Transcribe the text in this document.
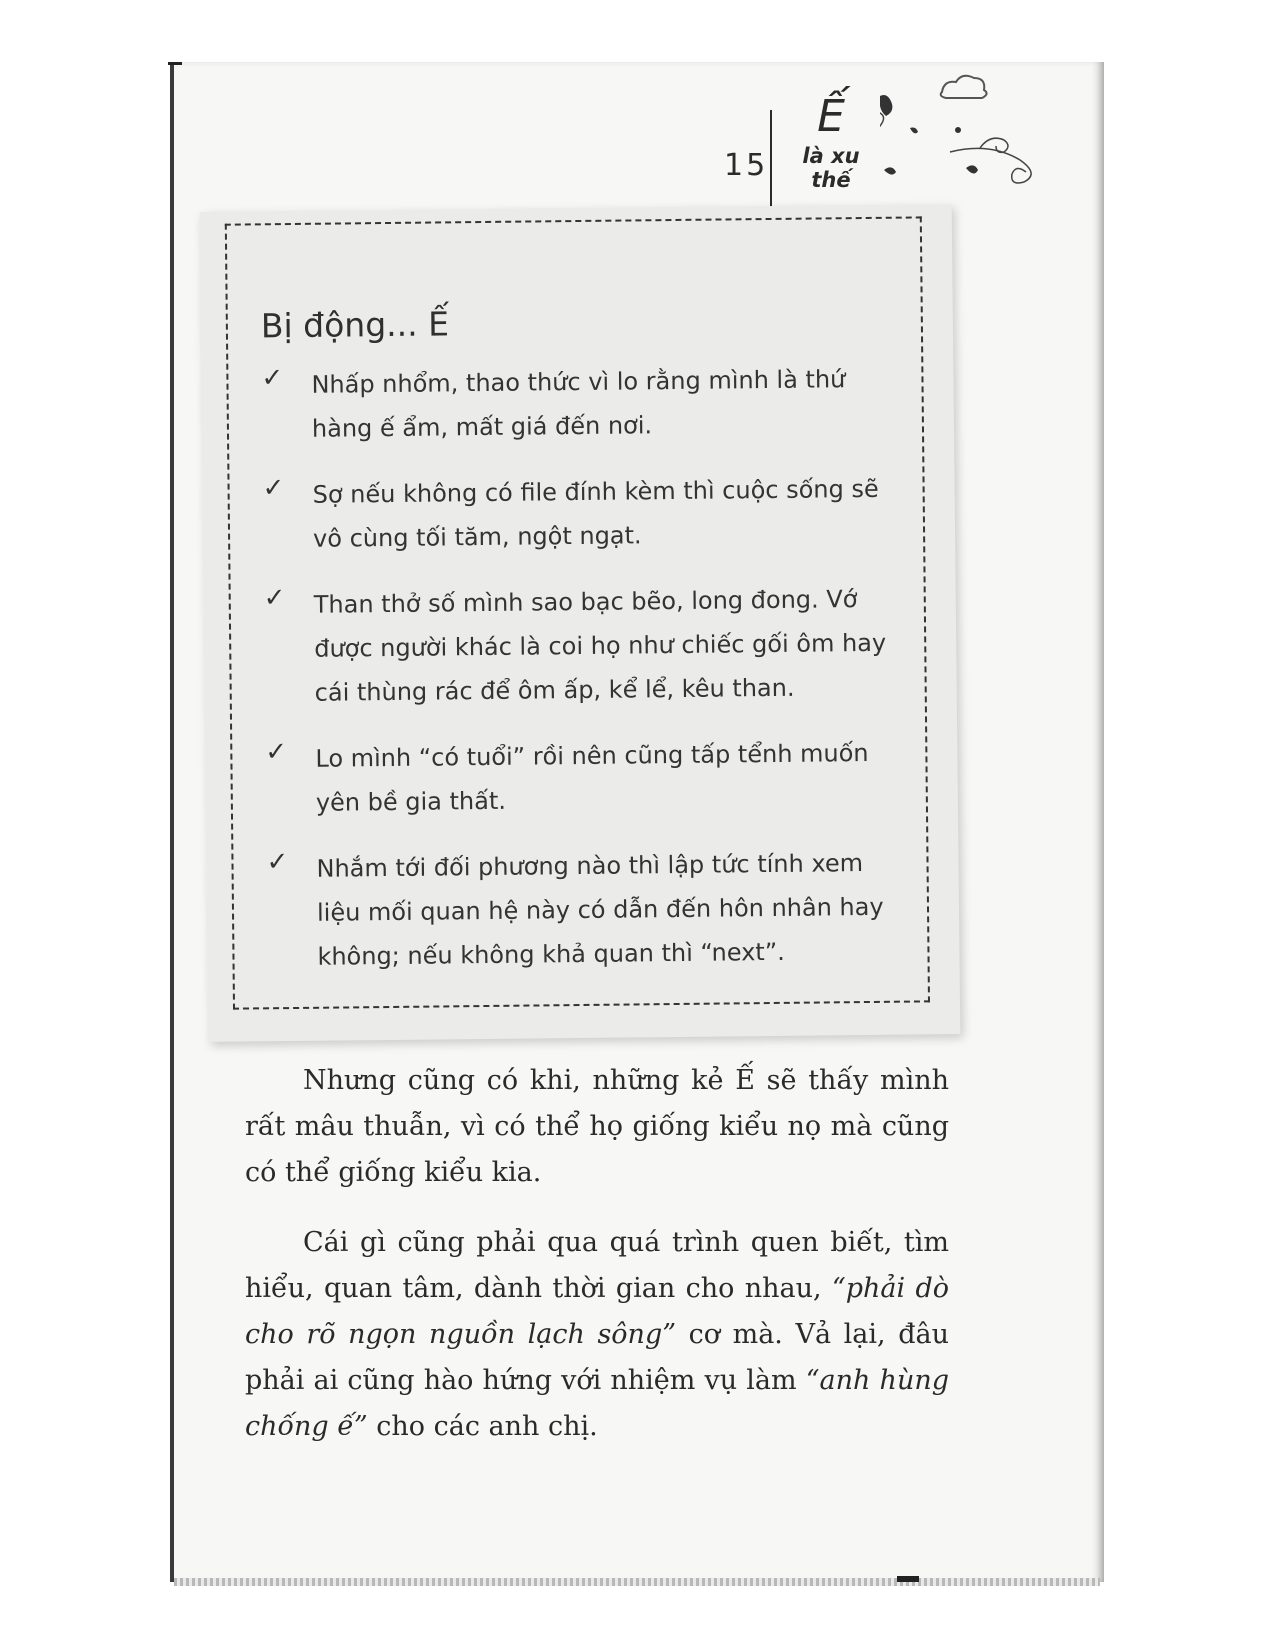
15
Ế
là xu thế
Bị động... Ế
✓ Nhấp nhổm, thao thức vì lo rằng mình là thứ hàng ế ẩm, mất giá đến nơi.
✓ Sợ nếu không có file đính kèm thì cuộc sống sẽ vô cùng tối tăm, ngột ngạt.
✓ Than thở số mình sao bạc bẽo, long đong. Vớ được người khác là coi họ như chiếc gối ôm hay cái thùng rác để ôm ấp, kể lể, kêu than.
✓ Lo mình “có tuổi” rồi nên cũng tấp tểnh muốn yên bề gia thất.
✓ Nhắm tới đối phương nào thì lập tức tính xem liệu mối quan hệ này có dẫn đến hôn nhân hay không; nếu không khả quan thì “next”.

Nhưng cũng có khi, những kẻ Ế sẽ thấy mình rất mâu thuẫn, vì có thể họ giống kiểu nọ mà cũng có thể giống kiểu kia.

Cái gì cũng phải qua quá trình quen biết, tìm hiểu, quan tâm, dành thời gian cho nhau, “phải dò cho rõ ngọn nguồn lạch sông” cơ mà. Vả lại, đâu phải ai cũng hào hứng với nhiệm vụ làm “anh hùng chống ế” cho các anh chị.
